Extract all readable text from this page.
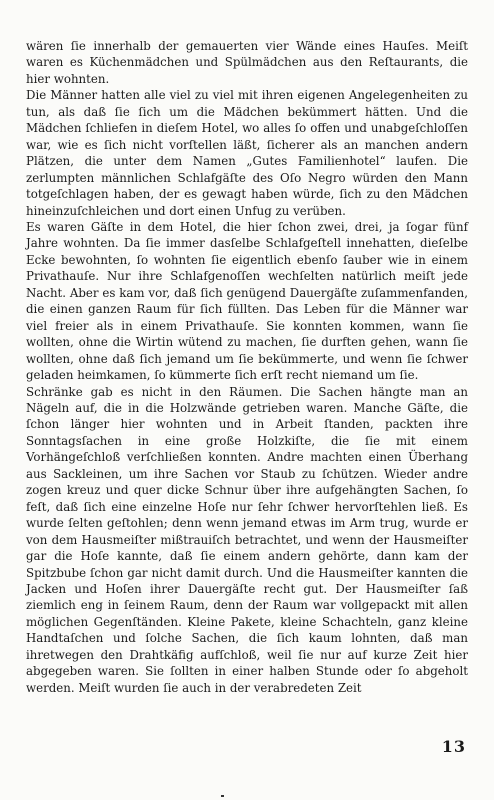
wären ſie innerhalb der gemauerten vier Wände eines Hauſes. Meiſt waren es Küchenmädchen und Spülmädchen aus den Reſtaurants, die hier wohnten.

Die Männer hatten alle viel zu viel mit ihren eigenen Angelegenheiten zu tun, als daß ſie ſich um die Mädchen bekümmert hätten. Und die Mädchen ſchliefen in dieſem Hotel, wo alles ſo offen und unabgeſchloſſen war, wie es ſich nicht vorſtellen läßt, ſicherer als an manchen andern Plätzen, die unter dem Namen „Gutes Familienhotel“ laufen. Die zerlumpten männlichen Schlafgäſte des Oſo Negro würden den Mann totgeſchlagen haben, der es gewagt haben würde, ſich zu den Mädchen hineinzuſchleichen und dort einen Unfug zu verüben.

Es waren Gäſte in dem Hotel, die hier ſchon zwei, drei, ja ſogar fünf Jahre wohnten. Da ſie immer dasſelbe Schlafgeſtell innehatten, dieſelbe Ecke bewohnten, ſo wohnten ſie eigentlich ebenſo ſauber wie in einem Privathauſe. Nur ihre Schlafgenoſſen wechſelten natürlich meiſt jede Nacht. Aber es kam vor, daß ſich genügend Dauergäſte zuſammenfanden, die einen ganzen Raum für ſich füllten. Das Leben für die Männer war viel freier als in einem Privathauſe. Sie konnten kommen, wann ſie wollten, ohne die Wirtin wütend zu machen, ſie durften gehen, wann ſie wollten, ohne daß ſich jemand um ſie bekümmerte, und wenn ſie ſchwer geladen heimkamen, ſo kümmerte ſich erſt recht niemand um ſie.

Schränke gab es nicht in den Räumen. Die Sachen hängte man an Nägeln auf, die in die Holzwände getrieben waren. Manche Gäſte, die ſchon länger hier wohnten und in Arbeit ſtanden, packten ihre Sonntagsſachen in eine große Holzkiſte, die ſie mit einem Vorhängeſchloß verſchließen konnten. Andre machten einen Überhang aus Sackleinen, um ihre Sachen vor Staub zu ſchützen. Wieder andre zogen kreuz und quer dicke Schnur über ihre aufgehängten Sachen, ſo feſt, daß ſich eine einzelne Hoſe nur ſehr ſchwer hervorſtehlen ließ. Es wurde ſelten geſtohlen; denn wenn jemand etwas im Arm trug, wurde er von dem Hausmeiſter mißtrauiſch betrachtet, und wenn der Hausmeiſter gar die Hoſe kannte, daß ſie einem andern gehörte, dann kam der Spitzbube ſchon gar nicht damit durch. Und die Hausmeiſter kannten die Jacken und Hoſen ihrer Dauergäſte recht gut. Der Hausmeiſter ſaß ziemlich eng in ſeinem Raum, denn der Raum war vollgepackt mit allen möglichen Gegenſtänden. Kleine Pakete, kleine Schachteln, ganz kleine Handtaſchen und ſolche Sachen, die ſich kaum lohnten, daß man ihretwegen den Drahtkäfig aufſchloß, weil ſie nur auf kurze Zeit hier abgegeben waren. Sie ſollten in einer halben Stunde oder ſo abgeholt werden. Meiſt wurden ſie auch in der verabredeten Zeit

13
